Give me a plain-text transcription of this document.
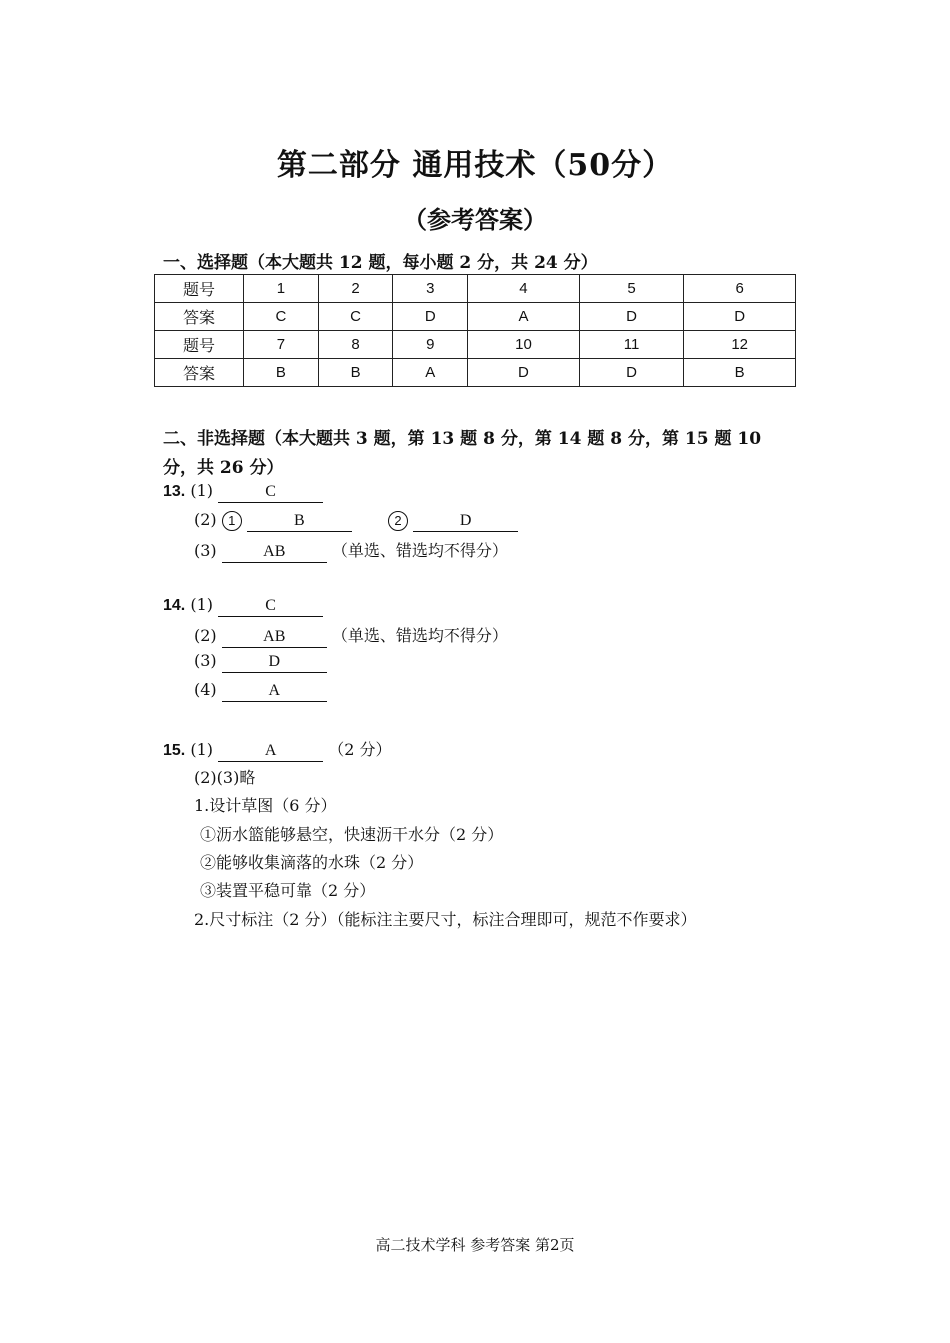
第二部分 通用技术（50分）
（参考答案）
一、选择题（本大题共 12 题，每小题 2 分，共 24 分）
题号	1	2	3	4	5	6
答案	C	C	D	A	D	D
题号	7	8	9	10	11	12
答案	B	B	A	D	D	B
二、非选择题（本大题共 3 题，第 13 题 8 分，第 14 题 8 分，第 15 题 10
分，共 26 分）
13. (1)	C
(2) 1	B	2	D
(3)	AB	（单选、错选均不得分）
14. (1)	C
(2)	AB	（单选、错选均不得分）
(3)	D
(4)	A
15. (1)	A	（2 分）
(2)(3)略
1.设计草图（6 分）
①沥水篮能够悬空，快速沥干水分（2 分）
②能够收集滴落的水珠（2 分）
③装置平稳可靠（2 分）
2.尺寸标注（2 分）（能标注主要尺寸，标注合理即可，规范不作要求）
高二技术学科 参考答案 第2页
